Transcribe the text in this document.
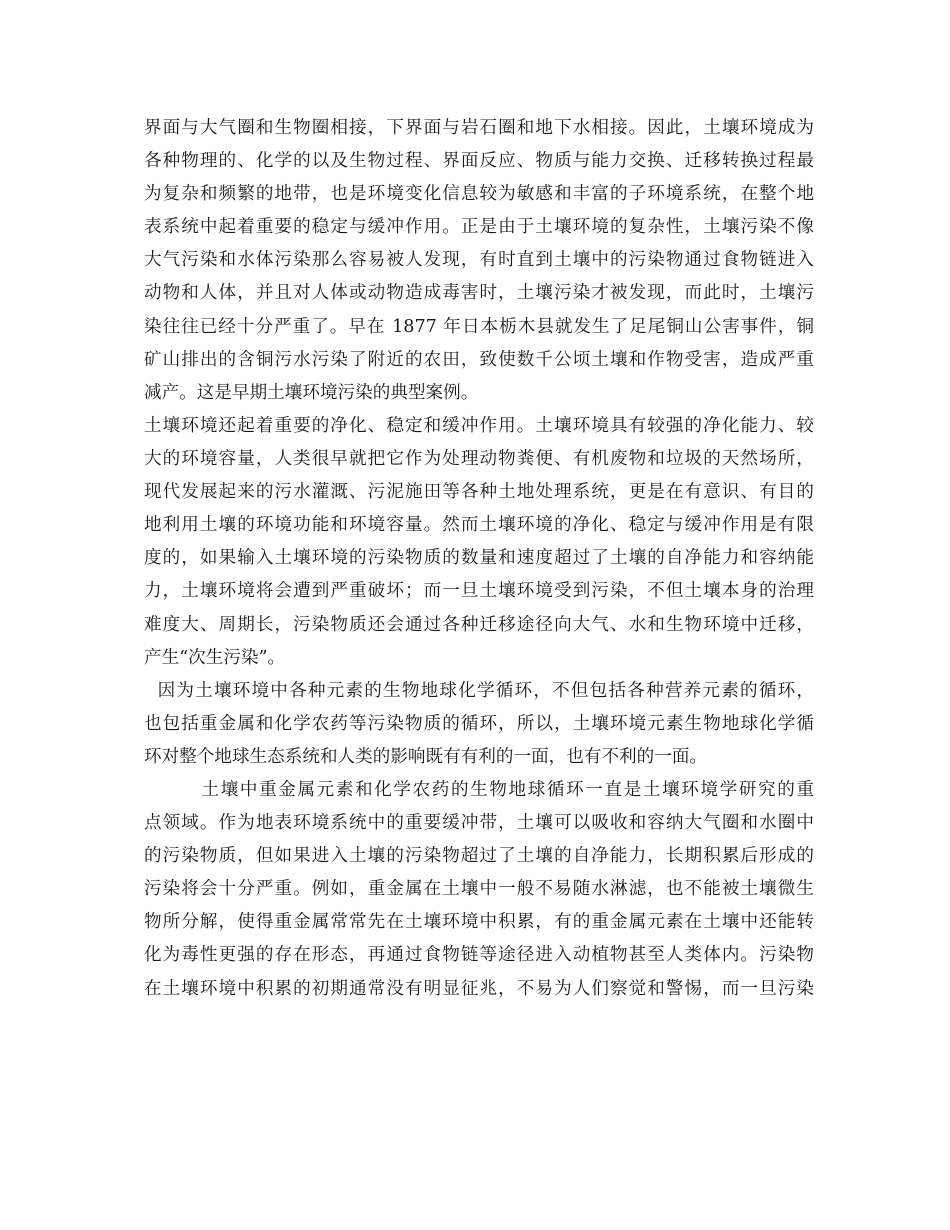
界面与大气圈和生物圈相接，下界面与岩石圈和地下水相接。因此，土壤环境成为
各种物理的、化学的以及生物过程、界面反应、物质与能力交换、迁移转换过程最
为复杂和频繁的地带，也是环境变化信息较为敏感和丰富的子环境系统，在整个地
表系统中起着重要的稳定与缓冲作用。正是由于土壤环境的复杂性，土壤污染不像
大气污染和水体污染那么容易被人发现，有时直到土壤中的污染物通过食物链进入
动物和人体，并且对人体或动物造成毒害时，土壤污染才被发现，而此时，土壤污
染往往已经十分严重了。早在 1877 年日本栃木县就发生了足尾铜山公害事件，铜
矿山排出的含铜污水污染了附近的农田，致使数千公顷土壤和作物受害，造成严重
减产。这是早期土壤环境污染的典型案例。
土壤环境还起着重要的净化、稳定和缓冲作用。土壤环境具有较强的净化能力、较
大的环境容量，人类很早就把它作为处理动物粪便、有机废物和垃圾的天然场所，
现代发展起来的污水灌溉、污泥施田等各种土地处理系统，更是在有意识、有目的
地利用土壤的环境功能和环境容量。然而土壤环境的净化、稳定与缓冲作用是有限
度的，如果输入土壤环境的污染物质的数量和速度超过了土壤的自净能力和容纳能
力，土壤环境将会遭到严重破坏；而一旦土壤环境受到污染，不但土壤本身的治理
难度大、周期长，污染物质还会通过各种迁移途径向大气、水和生物环境中迁移，
产生“次生污染”。
因为土壤环境中各种元素的生物地球化学循环，不但包括各种营养元素的循环，
也包括重金属和化学农药等污染物质的循环，所以，土壤环境元素生物地球化学循
环对整个地球生态系统和人类的影响既有有利的一面，也有不利的一面。
土壤中重金属元素和化学农药的生物地球循环一直是土壤环境学研究的重
点领域。作为地表环境系统中的重要缓冲带，土壤可以吸收和容纳大气圈和水圈中
的污染物质，但如果进入土壤的污染物超过了土壤的自净能力，长期积累后形成的
污染将会十分严重。例如，重金属在土壤中一般不易随水淋滤，也不能被土壤微生
物所分解，使得重金属常常先在土壤环境中积累，有的重金属元素在土壤中还能转
化为毒性更强的存在形态，再通过食物链等途径进入动植物甚至人类体内。污染物
在土壤环境中积累的初期通常没有明显征兆，不易为人们察觉和警惕，而一旦污染
